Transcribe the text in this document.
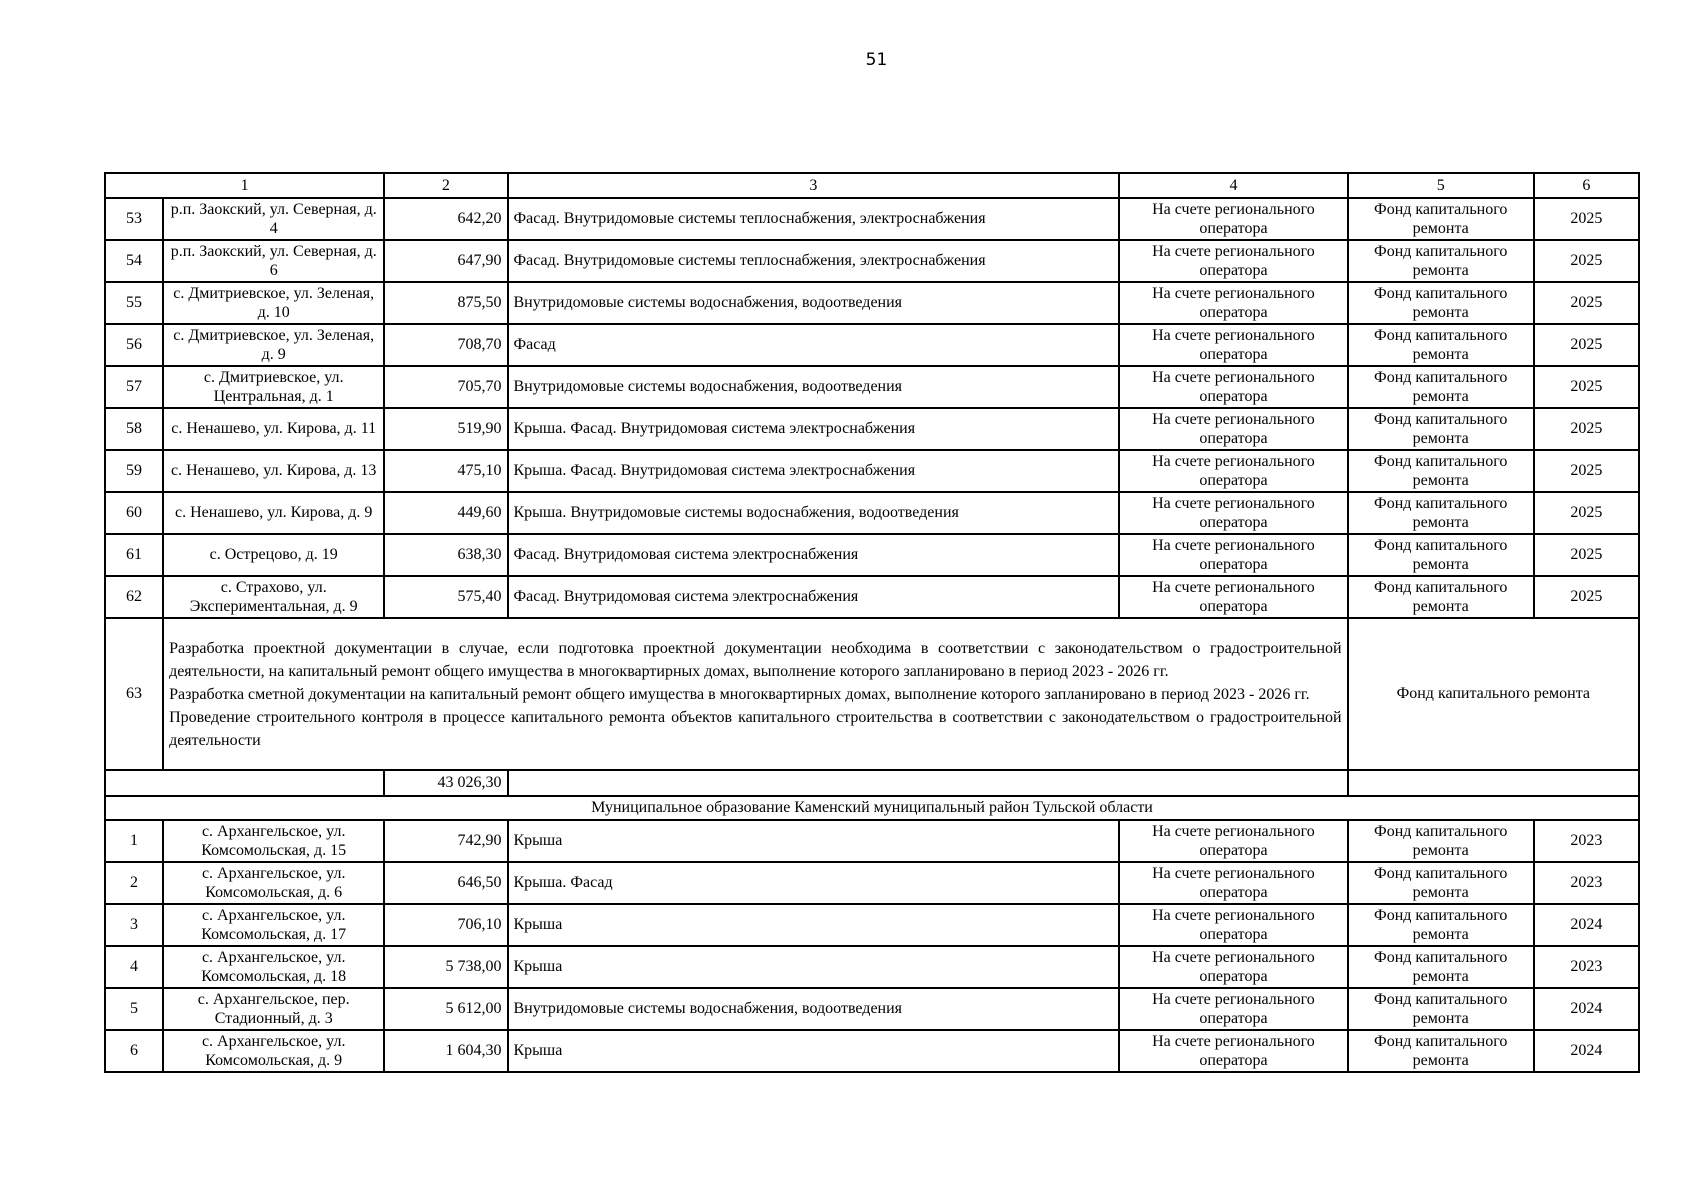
51
1		2	3	4	5	6
53	р.п. Заокский, ул. Северная, д. 4	642,20	Фасад. Внутридомовые системы теплоснабжения, электроснабжения	На счете регионального оператора	Фонд капитального ремонта	2025
54	р.п. Заокский, ул. Северная, д. 6	647,90	Фасад. Внутридомовые системы теплоснабжения, электроснабжения	На счете регионального оператора	Фонд капитального ремонта	2025
55	с. Дмитриевское, ул. Зеленая, д. 10	875,50	Внутридомовые системы водоснабжения, водоотведения	На счете регионального оператора	Фонд капитального ремонта	2025
56	с. Дмитриевское, ул. Зеленая, д. 9	708,70	Фасад	На счете регионального оператора	Фонд капитального ремонта	2025
57	с. Дмитриевское, ул. Центральная, д. 1	705,70	Внутридомовые системы водоснабжения, водоотведения	На счете регионального оператора	Фонд капитального ремонта	2025
58	с. Ненашево, ул. Кирова, д. 11	519,90	Крыша. Фасад. Внутридомовая система электроснабжения	На счете регионального оператора	Фонд капитального ремонта	2025
59	с. Ненашево, ул. Кирова, д. 13	475,10	Крыша. Фасад. Внутридомовая система электроснабжения	На счете регионального оператора	Фонд капитального ремонта	2025
60	с. Ненашево, ул. Кирова, д. 9	449,60	Крыша. Внутридомовые системы водоснабжения, водоотведения	На счете регионального оператора	Фонд капитального ремонта	2025
61	с. Острецово, д. 19	638,30	Фасад. Внутридомовая система электроснабжения	На счете регионального оператора	Фонд капитального ремонта	2025
62	с. Страхово, ул. Экспериментальная, д. 9	575,40	Фасад. Внутридомовая система электроснабжения	На счете регионального оператора	Фонд капитального ремонта	2025
63	Разработка проектной документации в случае, если подготовка проектной документации необходима в соответствии с законодательством о градостроительной деятельности, на капитальный ремонт общего имущества в многоквартирных домах, выполнение которого запланировано в период 2023 - 2026 гг.
Разработка сметной документации на капитальный ремонт общего имущества в многоквартирных домах, выполнение которого запланировано в период 2023 - 2026 гг.
Проведение строительного контроля в процессе капитального ремонта объектов капитального строительства в соответствии с законодательством о градостроительной деятельности				Фонд капитального ремонта	
		43 026,30				
Муниципальное образование Каменский муниципальный район Тульской области						
1	с. Архангельское, ул. Комсомольская, д. 15	742,90	Крыша	На счете регионального оператора	Фонд капитального ремонта	2023
2	с. Архангельское, ул. Комсомольская, д. 6	646,50	Крыша. Фасад	На счете регионального оператора	Фонд капитального ремонта	2023
3	с. Архангельское, ул. Комсомольская, д. 17	706,10	Крыша	На счете регионального оператора	Фонд капитального ремонта	2024
4	с. Архангельское, ул. Комсомольская, д. 18	5 738,00	Крыша	На счете регионального оператора	Фонд капитального ремонта	2023
5	с. Архангельское, пер. Стадионный, д. 3	5 612,00	Внутридомовые системы водоснабжения, водоотведения	На счете регионального оператора	Фонд капитального ремонта	2024
6	с. Архангельское, ул. Комсомольская, д. 9	1 604,30	Крыша	На счете регионального оператора	Фонд капитального ремонта	2024
